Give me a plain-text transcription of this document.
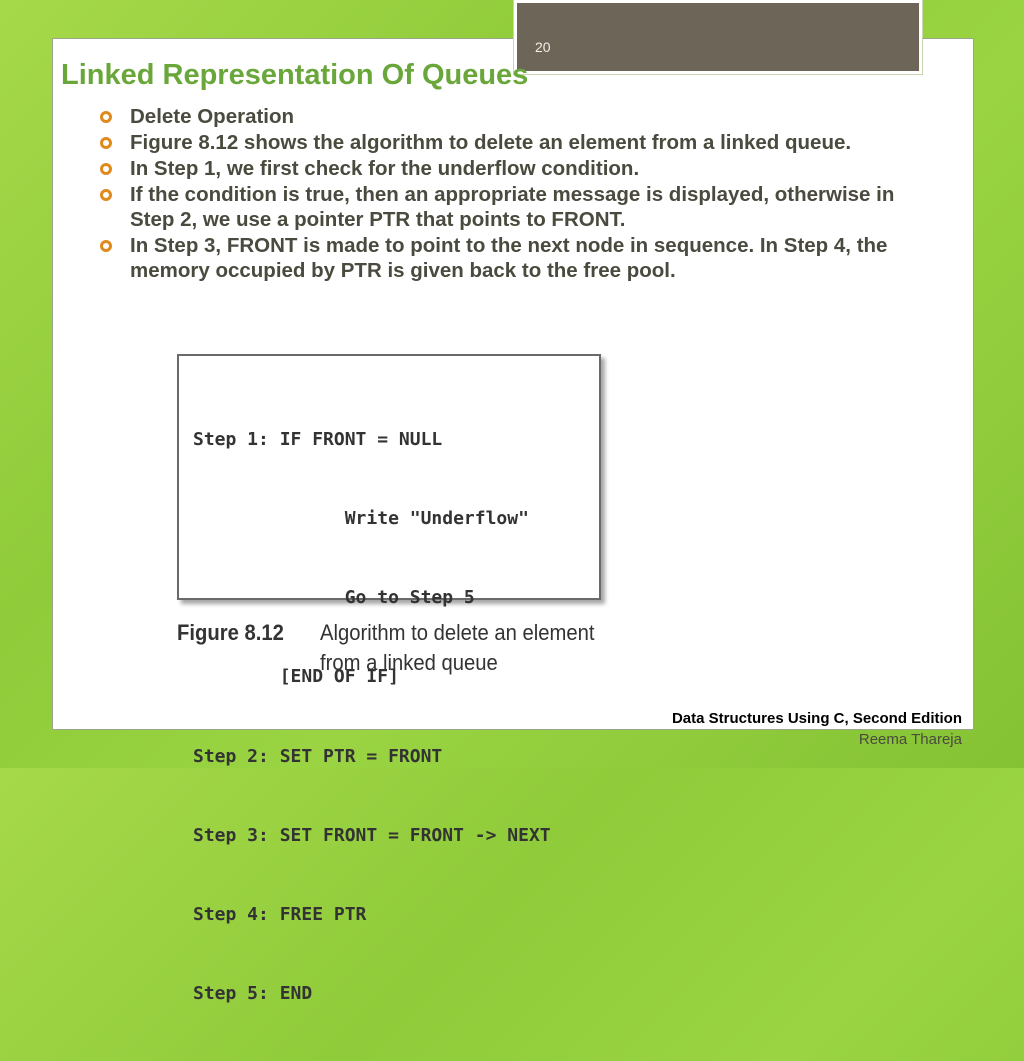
20
Linked Representation Of Queues
Delete Operation
Figure 8.12 shows the algorithm to delete an element from a linked queue.
In Step 1, we first check for the underflow condition.
If the condition is true, then an appropriate message is displayed, otherwise in Step 2, we use a pointer PTR that points to FRONT.
In Step 3, FRONT is made to point to the next node in sequence. In Step 4, the memory occupied by PTR is given back to the free pool.

Step 1: IF FRONT = NULL

Write "Underflow"

Go to Step 5

[END OF IF]

Step 2: SET PTR = FRONT

Step 3: SET FRONT = FRONT -> NEXT

Step 4: FREE PTR

Step 5: END

Figure 8.12 Algorithm to delete an element from a linked queue
Data Structures Using C, Second Edition
Reema Thareja
